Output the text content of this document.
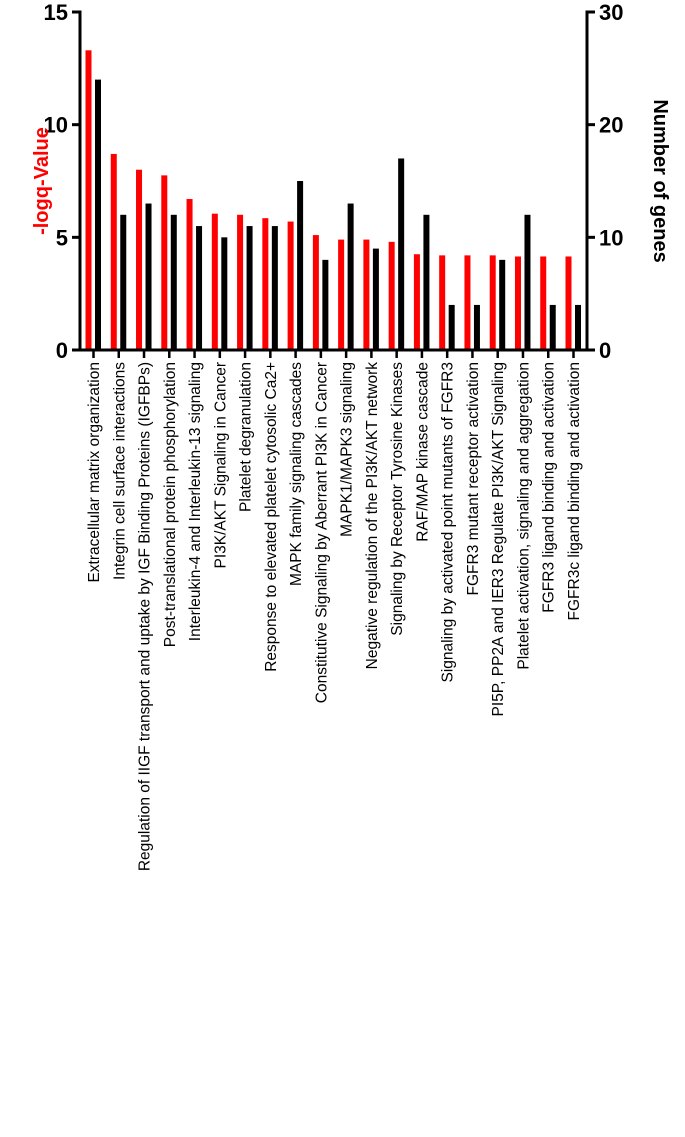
0
5
10
15
0
10
20
30
Extracellular matrix organization Integrin cell surface interactions Regulation of IIGF transport and uptake by IGF Binding Proteins (IGFBPs) Post-translational protein phosphorylation Interleukin-4 and Interleukin-13 signaling PI3K/AKT Signaling in Cancer Platelet degranulation Response to elevated platelet cytosolic Ca2+ MAPK family signaling cascades Constitutive Signaling by Aberrant PI3K in Cancer MAPK1/MAPK3 signaling Negative regulation of the PI3K/AKT network Signaling by Receptor Tyrosine Kinases RAF/MAP kinase cascade Signaling by activated point mutants of FGFR3 FGFR3 mutant receptor activation PI5P, PP2A and IER3 Regulate PI3K/AKT Signaling Platelet activation, signaling and aggregation FGFR3 ligand binding and activation FGFR3c ligand binding and activation
-logq-Value	Number of genes
